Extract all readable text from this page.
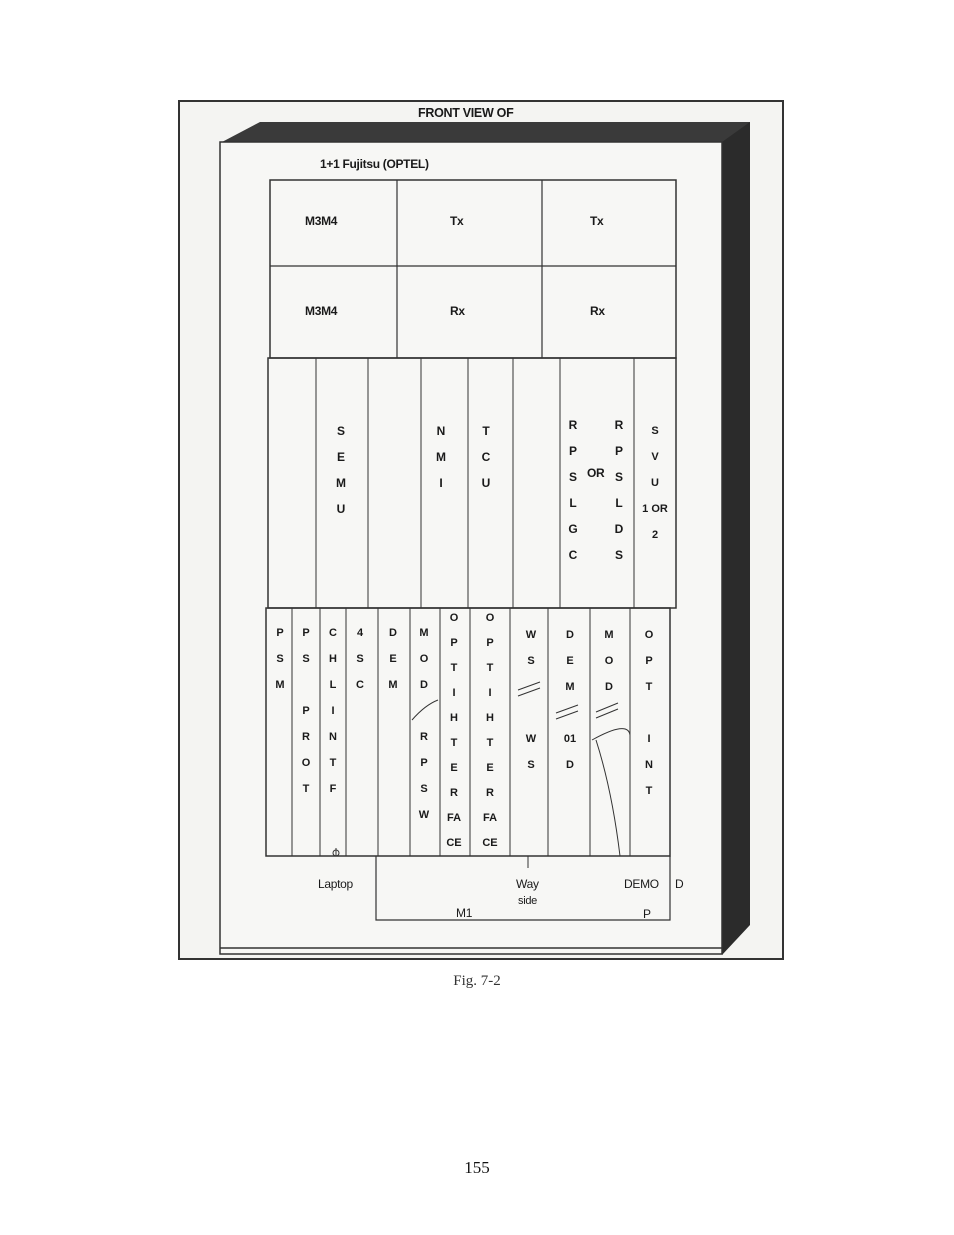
FRONT VIEW OF
1+1 Fujitsu (OPTEL)
M3M4	Tx	Tx
M3M4	Rx	Rx
S
E
M
U
N
M
I
T
C
U
R
P
S
L
G
C
OR
R
P
S
L
D
S
S
V
U
1 OR
2
P
S
M
P
S

P
R
O
T
C
H
L
I
N
T
F
4
S
C
D
E
M
M
O
D

R
P
S
W
O
P
T
I
H
T
E
R
FA
CE
O
P
T
I
H
T
E
R
FA
CE
W
S

W
S
D
E
M

01
D
M
O
D
O
P
T

I
N
T
Laptop	Way
side
DEMO D
P
M1
Fig. 7-2
155
